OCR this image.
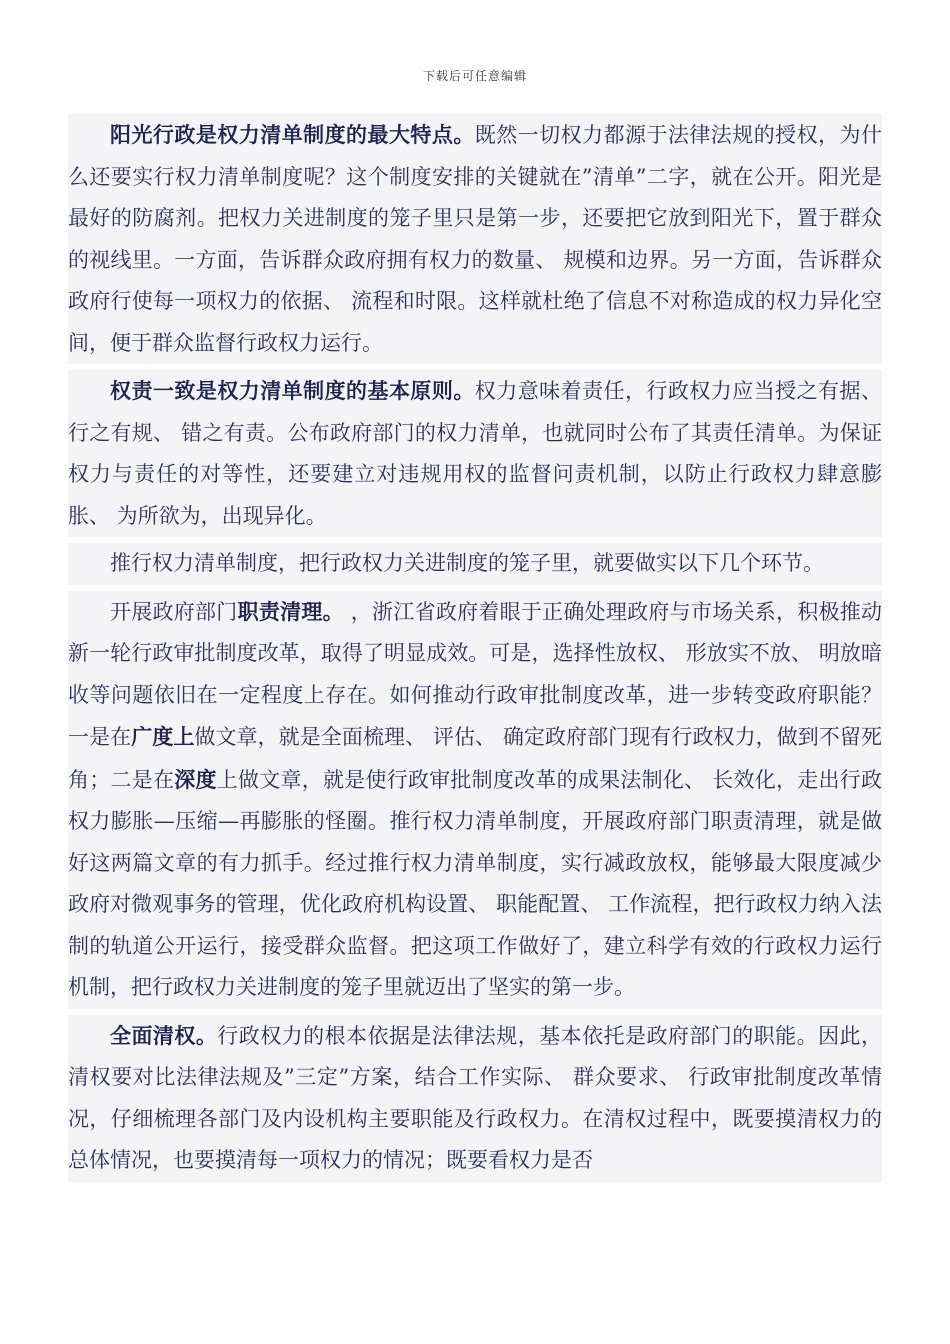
下载后可任意编辑

阳光行政是权力清单制度的最大特点。既然一切权力都源于法律法规的授权，为什么还要实行权力清单制度呢？这个制度安排的关键就在”清单”二字，就在公开。阳光是最好的防腐剂。把权力关进制度的笼子里只是第一步，还要把它放到阳光下，置于群众的视线里。一方面，告诉群众政府拥有权力的数量、 规模和边界。另一方面，告诉群众政府行使每一项权力的依据、 流程和时限。这样就杜绝了信息不对称造成的权力异化空间，便于群众监督行政权力运行。

权责一致是权力清单制度的基本原则。权力意味着责任，行政权力应当授之有据、 行之有规、 错之有责。公布政府部门的权力清单，也就同时公布了其责任清单。为保证权力与责任的对等性，还要建立对违规用权的监督问责机制，以防止行政权力肆意膨胀、 为所欲为，出现异化。

推行权力清单制度，把行政权力关进制度的笼子里，就要做实以下几个环节。

开展政府部门职责清理。 ，浙江省政府着眼于正确处理政府与市场关系，积极推动新一轮行政审批制度改革，取得了明显成效。可是，选择性放权、 形放实不放、 明放暗收等问题依旧在一定程度上存在。如何推动行政审批制度改革，进一步转变政府职能？一是在广度上做文章，就是全面梳理、 评估、 确定政府部门现有行政权力，做到不留死角；二是在深度上做文章，就是使行政审批制度改革的成果法制化、 长效化，走出行政权力膨胀—压缩—再膨胀的怪圈。推行权力清单制度，开展政府部门职责清理，就是做好这两篇文章的有力抓手。经过推行权力清单制度，实行减政放权，能够最大限度减少政府对微观事务的管理，优化政府机构设置、 职能配置、 工作流程，把行政权力纳入法制的轨道公开运行，接受群众监督。把这项工作做好了，建立科学有效的行政权力运行机制，把行政权力关进制度的笼子里就迈出了坚实的第一步。

全面清权。行政权力的根本依据是法律法规，基本依托是政府部门的职能。因此，清权要对比法律法规及”三定”方案，结合工作实际、 群众要求、 行政审批制度改革情况，仔细梳理各部门及内设机构主要职能及行政权力。在清权过程中，既要摸清权力的总体情况，也要摸清每一项权力的情况；既要看权力是否
